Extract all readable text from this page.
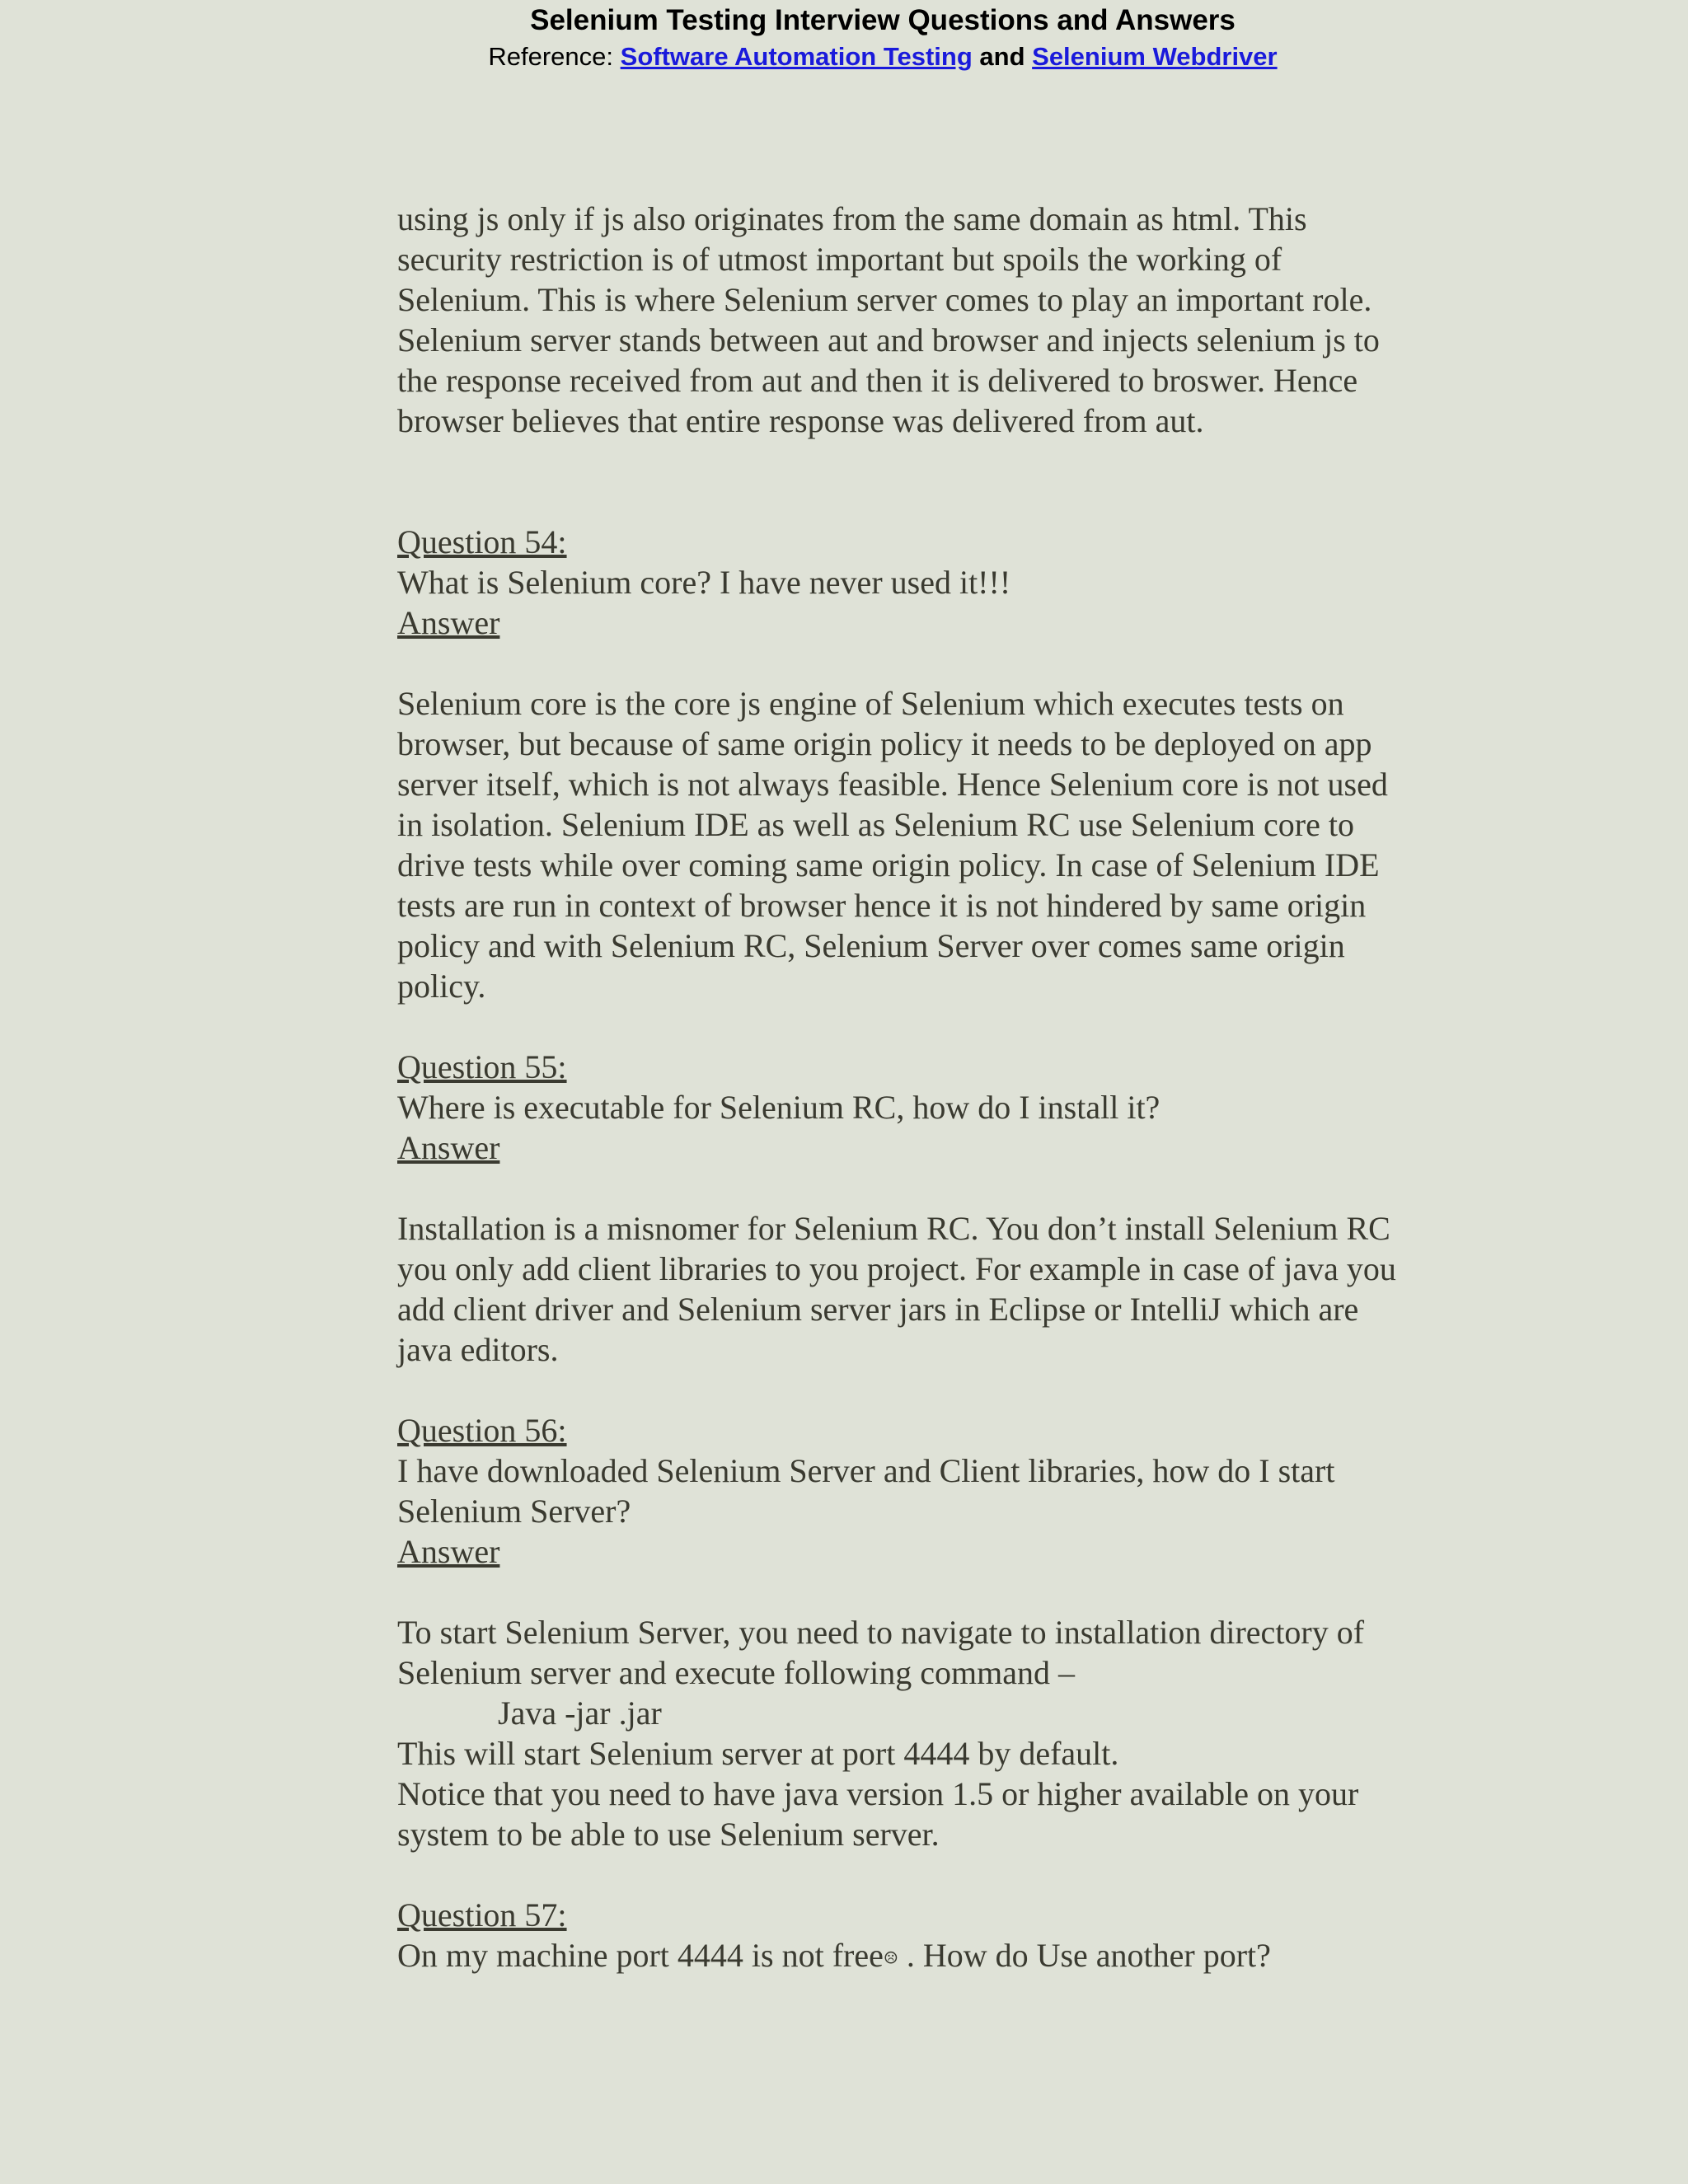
Selenium Testing Interview Questions and Answers
Reference: Software Automation Testing and Selenium Webdriver

using js only if js also originates from the same domain as html. This

security restriction is of utmost important but spoils the working of

Selenium. This is where Selenium server comes to play an important role.

Selenium server stands between aut and browser and injects selenium js to

the response received from aut and then it is delivered to broswer. Hence

browser believes that entire response was delivered from aut.

Question 54:

What is Selenium core? I have never used it!!!

Answer

Selenium core is the core js engine of Selenium which executes tests on

browser, but because of same origin policy it needs to be deployed on app

server itself, which is not always feasible. Hence Selenium core is not used

in isolation. Selenium IDE as well as Selenium RC use Selenium core to

drive tests while over coming same origin policy. In case of Selenium IDE

tests are run in context of browser hence it is not hindered by same origin

policy and with Selenium RC, Selenium Server over comes same origin

policy.

Question 55:

Where is executable for Selenium RC, how do I install it?

Answer

Installation is a misnomer for Selenium RC. You don’t install Selenium RC

you only add client libraries to you project. For example in case of java you

add client driver and Selenium server jars in Eclipse or IntelliJ which are

java editors.

Question 56:

I have downloaded Selenium Server and Client libraries, how do I start

Selenium Server?

Answer

To start Selenium Server, you need to navigate to installation directory of

Selenium server and execute following command –

Java -jar .jar

This will start Selenium server at port 4444 by default.

Notice that you need to have java version 1.5 or higher available on your

system to be able to use Selenium server.

Question 57:

On my machine port 4444 is not free☹ . How do Use another port?
